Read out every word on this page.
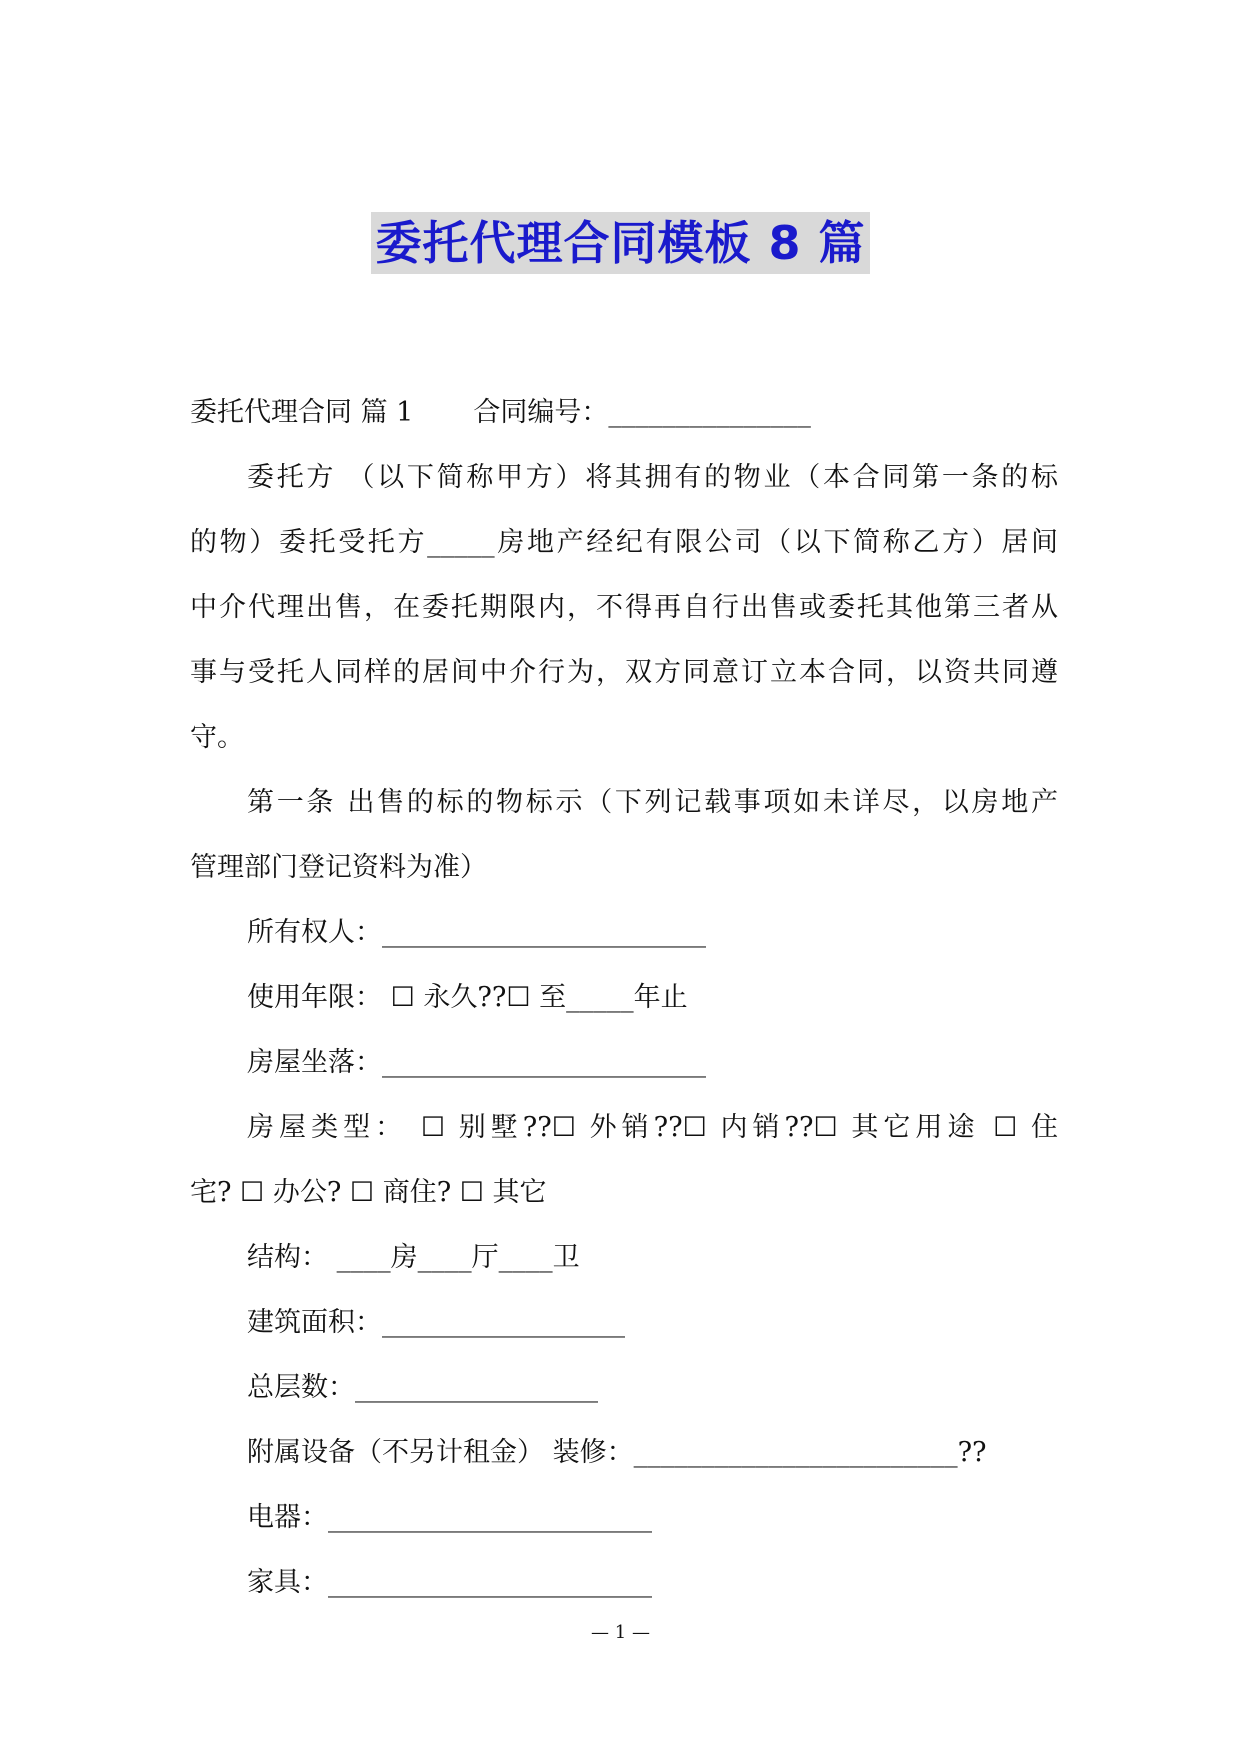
委托代理合同模板 8 篇
委托代理合同 篇 1 合同编号：_______________
委托方 （以下简称甲方）将其拥有的物业（本合同第一条的标
的物）委托受托方_____房地产经纪有限公司（以下简称乙方）居间
中介代理出售，在委托期限内，不得再自行出售或委托其他第三者从
事与受托人同样的居间中介行为，双方同意订立本合同，以资共同遵
守。
第一条 出售的标的物标示（下列记载事项如未详尽，以房地产
管理部门登记资料为准）
所有权人：________________________
使用年限： ☐ 永久??☐ 至_____年止
房屋坐落：________________________
房屋类型： ☐ 别墅??☐ 外销??☐ 内销??☐ 其它用途 ☐ 住
宅? ☐ 办公? ☐ 商住? ☐ 其它
结构： ____房____厅____卫
建筑面积：__________________
总层数：__________________
附属设备（不另计租金） 装修：________________________??
电器：________________________
家具：________________________
— 1 —
